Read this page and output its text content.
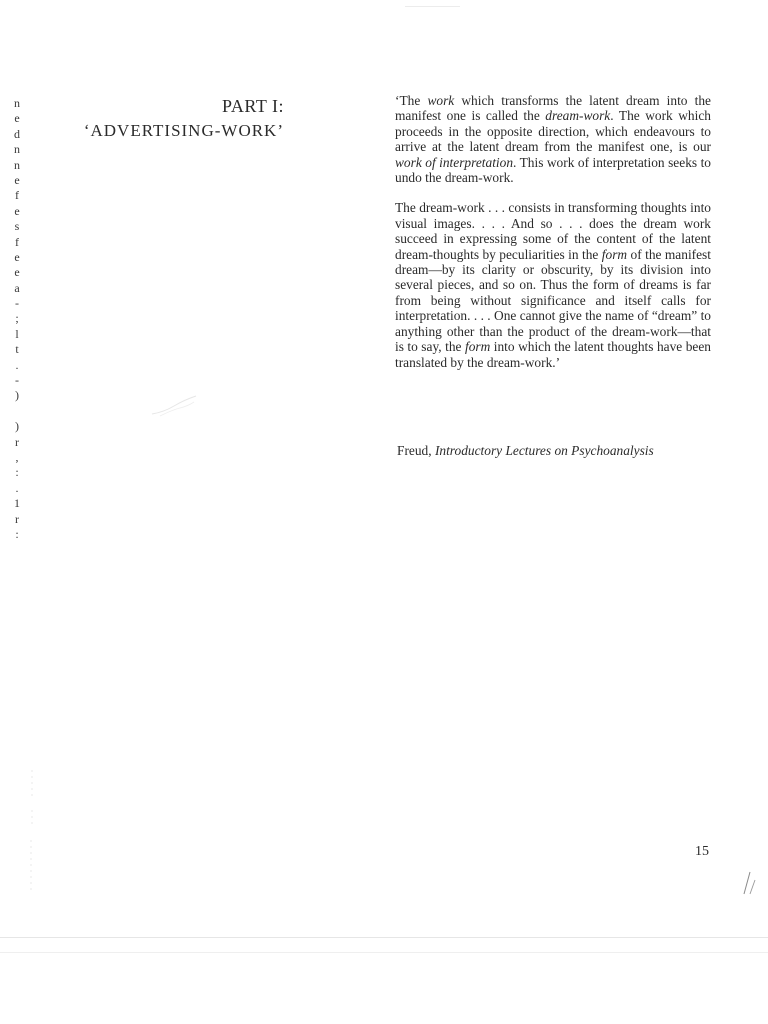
n
e
d
n
n
e
f
e
s
f
e
e
a
-
;
l
t
.
-
)
)
r
,
:
.
1
r
:
PART I:
‘ADVERTISING-WORK’

‘The work which transforms the latent dream into the manifest one is called the dream-work. The work which proceeds in the opposite direction, which endeavours to arrive at the latent dream from the manifest one, is our work of interpretation. This work of interpretation seeks to undo the dream-work.

The dream-work . . . consists in transforming thoughts into visual images. . . . And so . . . does the dream work succeed in expressing some of the content of the latent dream-thoughts by peculiarities in the form of the manifest dream—by its clarity or obscurity, by its division into several pieces, and so on. Thus the form of dreams is far from being without significance and itself calls for interpretation. . . . One cannot give the name of “dream” to anything other than the product of the dream-work—that is to say, the form into which the latent thoughts have been translated by the dream-work.’

Freud, Introductory Lectures on Psychoanalysis
15
